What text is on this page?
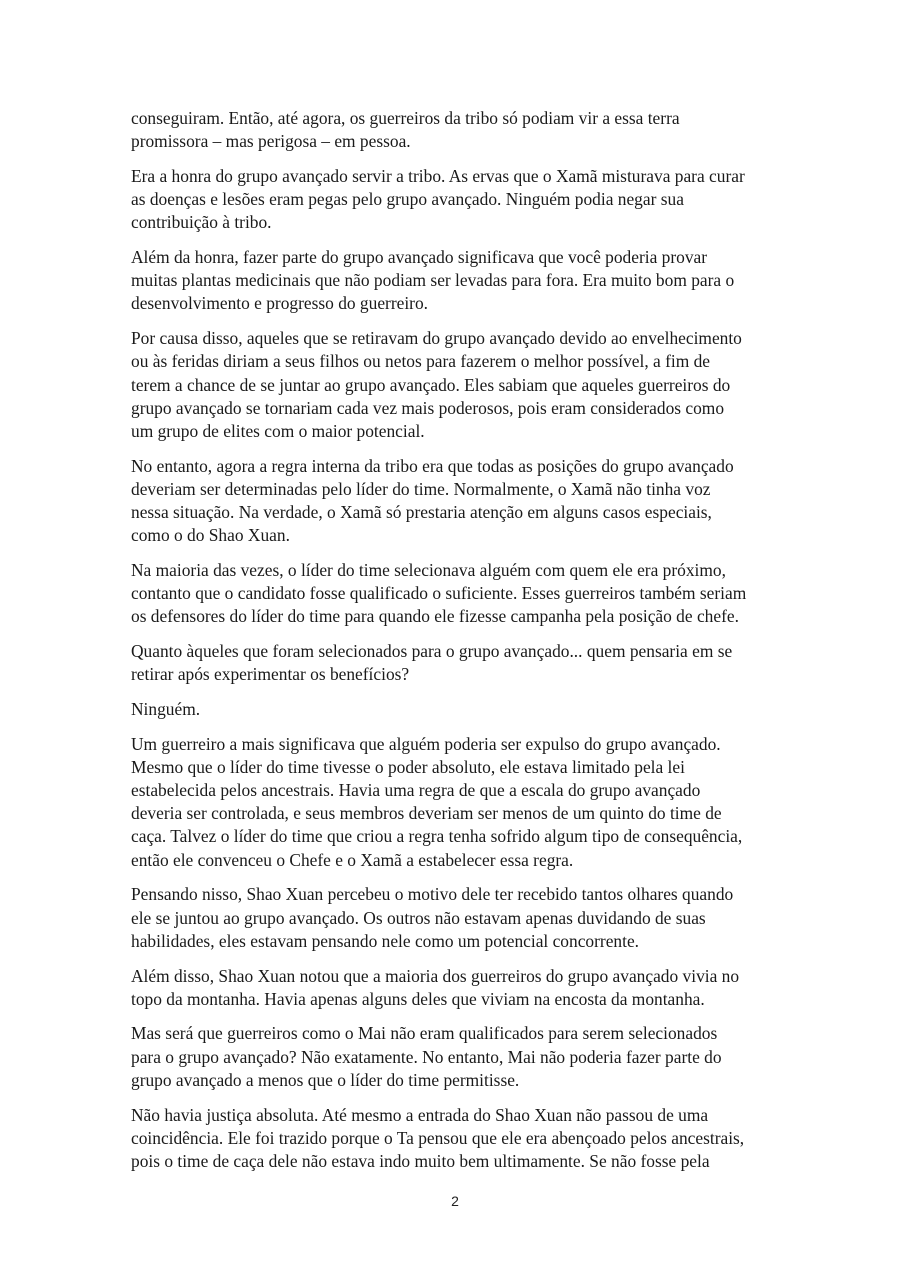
conseguiram. Então, até agora, os guerreiros da tribo só podiam vir a essa terra
promissora – mas perigosa – em pessoa.

Era a honra do grupo avançado servir a tribo. As ervas que o Xamã misturava para curar
as doenças e lesões eram pegas pelo grupo avançado. Ninguém podia negar sua
contribuição à tribo.

Além da honra, fazer parte do grupo avançado significava que você poderia provar
muitas plantas medicinais que não podiam ser levadas para fora. Era muito bom para o
desenvolvimento e progresso do guerreiro.

Por causa disso, aqueles que se retiravam do grupo avançado devido ao envelhecimento
ou às feridas diriam a seus filhos ou netos para fazerem o melhor possível, a fim de
terem a chance de se juntar ao grupo avançado. Eles sabiam que aqueles guerreiros do
grupo avançado se tornariam cada vez mais poderosos, pois eram considerados como
um grupo de elites com o maior potencial.

No entanto, agora a regra interna da tribo era que todas as posições do grupo avançado
deveriam ser determinadas pelo líder do time. Normalmente, o Xamã não tinha voz
nessa situação. Na verdade, o Xamã só prestaria atenção em alguns casos especiais,
como o do Shao Xuan.

Na maioria das vezes, o líder do time selecionava alguém com quem ele era próximo,
contanto que o candidato fosse qualificado o suficiente. Esses guerreiros também seriam
os defensores do líder do time para quando ele fizesse campanha pela posição de chefe.

Quanto àqueles que foram selecionados para o grupo avançado... quem pensaria em se
retirar após experimentar os benefícios?

Ninguém.

Um guerreiro a mais significava que alguém poderia ser expulso do grupo avançado.
Mesmo que o líder do time tivesse o poder absoluto, ele estava limitado pela lei
estabelecida pelos ancestrais. Havia uma regra de que a escala do grupo avançado
deveria ser controlada, e seus membros deveriam ser menos de um quinto do time de
caça. Talvez o líder do time que criou a regra tenha sofrido algum tipo de consequência,
então ele convenceu o Chefe e o Xamã a estabelecer essa regra.

Pensando nisso, Shao Xuan percebeu o motivo dele ter recebido tantos olhares quando
ele se juntou ao grupo avançado. Os outros não estavam apenas duvidando de suas
habilidades, eles estavam pensando nele como um potencial concorrente.

Além disso, Shao Xuan notou que a maioria dos guerreiros do grupo avançado vivia no
topo da montanha. Havia apenas alguns deles que viviam na encosta da montanha.

Mas será que guerreiros como o Mai não eram qualificados para serem selecionados
para o grupo avançado? Não exatamente. No entanto, Mai não poderia fazer parte do
grupo avançado a menos que o líder do time permitisse.

Não havia justiça absoluta. Até mesmo a entrada do Shao Xuan não passou de uma
coincidência. Ele foi trazido porque o Ta pensou que ele era abençoado pelos ancestrais,
pois o time de caça dele não estava indo muito bem ultimamente. Se não fosse pela

2
